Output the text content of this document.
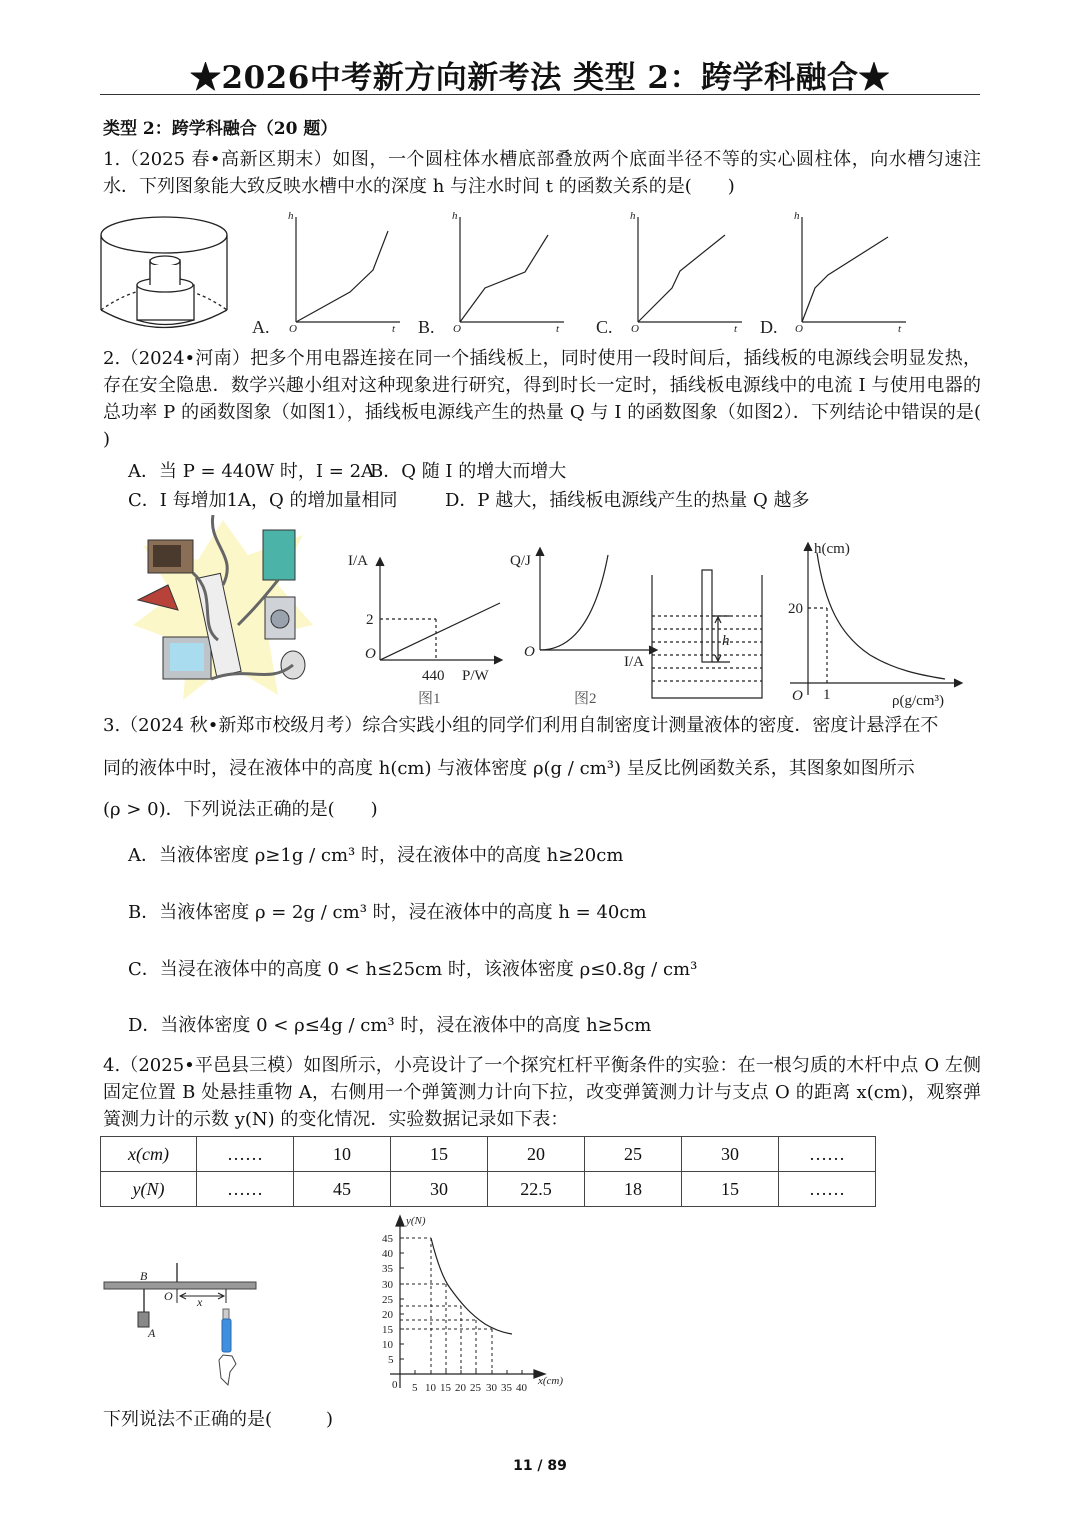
★2026中考新方向新考法 类型 2：跨学科融合★
类型 2：跨学科融合（20 题）
1.（2025 春•高新区期末）如图，一个圆柱体水槽底部叠放两个底面半径不等的实心圆柱体，向水槽匀速注水．下列图象能大致反映水槽中水的深度 h 与注水时间 t 的函数关系的是(　　)
h	h	h	h
t	t	t	t
O	O	O	O
A.	B.	C.	D.
2.（2024•河南）把多个用电器连接在同一个插线板上，同时使用一段时间后，插线板的电源线会明显发热，存在安全隐患．数学兴趣小组对这种现象进行研究，得到时长一定时，插线板电源线中的电流 I 与使用电器的总功率 P 的函数图象（如图1），插线板电源线产生的热量 Q 与 I 的函数图象（如图2）．下列结论中错误的是( )
A．当 P = 440W 时，I = 2A
B．Q 随 I 的增大而增大
C．I 每增加1A，Q 的增加量相同	D．P 越大，插线板电源线产生的热量 Q 越多
I/A
2
O
440 P/W
图1
Q/J
O
I/A
图2
h
h(cm)
20
O 1	ρ(g/cm³)
3.（2024 秋•新郑市校级月考）综合实践小组的同学们利用自制密度计测量液体的密度．密度计悬浮在不
同的液体中时，浸在液体中的高度 h(cm) 与液体密度 ρ(g / cm³) 呈反比例函数关系，其图象如图所示
(ρ > 0)．下列说法正确的是(　　)
A．当液体密度 ρ≥1g / cm³ 时，浸在液体中的高度 h≥20cm
B．当液体密度 ρ = 2g / cm³ 时，浸在液体中的高度 h = 40cm
C．当浸在液体中的高度 0 < h≤25cm 时，该液体密度 ρ≤0.8g / cm³
D．当液体密度 0 < ρ≤4g / cm³ 时，浸在液体中的高度 h≥5cm
4.（2025•平邑县三模）如图所示，小亮设计了一个探究杠杆平衡条件的实验：在一根匀质的木杆中点 O 左侧固定位置 B 处悬挂重物 A，右侧用一个弹簧测力计向下拉，改变弹簧测力计与支点 O 的距离 x(cm)，观察弹簧测力计的示数 y(N) 的变化情况．实验数据记录如下表：
x(cm)	……	10	15	20	25	30	……
y(N)	……	45	30	22.5	18	15	……
B
O x
A
y(N)
45
40
35
30
25
20
15
10
5
0 5 10 15 20 25 30 35 40
x(cm)
下列说法不正确的是(　　　)
11 / 89
